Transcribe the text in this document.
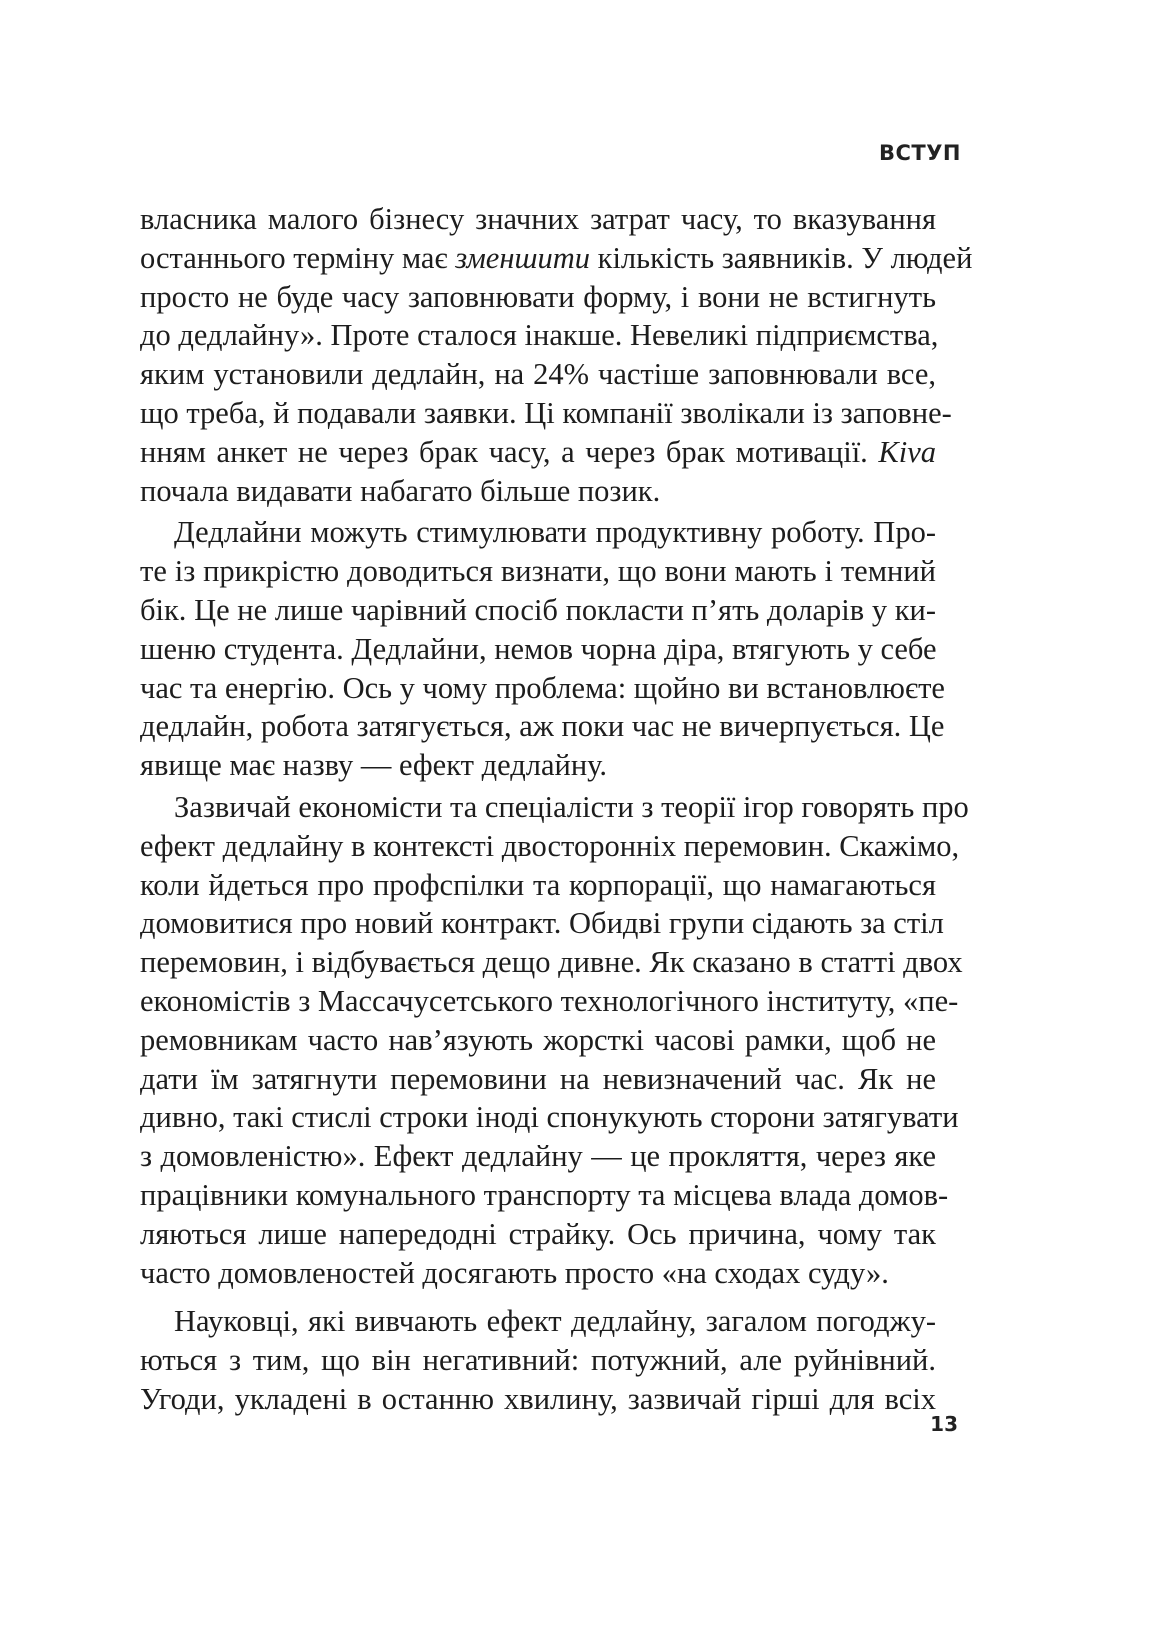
ВСТУП
власника малого бізнесу значних затрат часу, то вказування
останнього терміну має зменшити кількість заявників. У людей
просто не буде часу заповнювати форму, і вони не встигнуть
до дедлайну». Проте сталося інакше. Невеликі підприємства,
яким установили дедлайн, на 24% частіше заповнювали все,
що треба, й подавали заявки. Ці компанії зволікали із заповне-
нням анкет не через брак часу, а через брак мотивації. Kiva
почала видавати набагато більше позик.
Дедлайни можуть стимулювати продуктивну роботу. Про-
те із прикрістю доводиться визнати, що вони мають і темний
бік. Це не лише чарівний спосіб покласти п’ять доларів у ки-
шеню студента. Дедлайни, немов чорна діра, втягують у себе
час та енергію. Ось у чому проблема: щойно ви встановлюєте
дедлайн, робота затягується, аж поки час не вичерпується. Це
явище має назву — ефект дедлайну.
Зазвичай економісти та спеціалісти з теорії ігор говорять про
ефект дедлайну в контексті двосторонніх перемовин. Скажімо,
коли йдеться про профспілки та корпорації, що намагаються
домовитися про новий контракт. Обидві групи сідають за стіл
перемовин, і відбувається дещо дивне. Як сказано в статті двох
економістів з Массачусетського технологічного інституту, «пе-
ремовникам часто нав’язують жорсткі часові рамки, щоб не
дати їм затягнути перемовини на невизначений час. Як не
дивно, такі стислі строки іноді спонукують сторони затягувати
з домовленістю». Ефект дедлайну — це прокляття, через яке
працівники комунального транспорту та місцева влада домов-
ляються лише напередодні страйку. Ось причина, чому так
часто домовленостей досягають просто «на сходах суду».
Науковці, які вивчають ефект дедлайну, загалом погоджу-
ються з тим, що він негативний: потужний, але руйнівний.
Угоди, укладені в останню хвилину, зазвичай гірші для всіх
13
